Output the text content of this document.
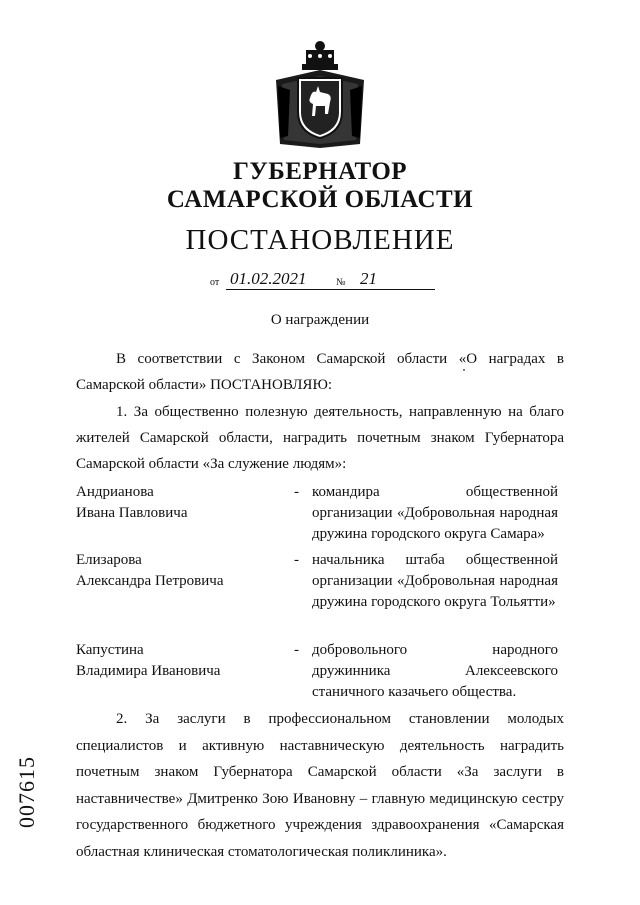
ГУБЕРНАТОР
САМАРСКОЙ ОБЛАСТИ
ПОСТАНОВЛЕНИЕ
от 01.02.2021	№ 21
О награждении
В соответствии с Законом Самарской области «О наградах в Самарской области» ПОСТАНОВЛЯЮ:
1. За общественно полезную деятельность, направленную на благо жителей Самарской области, наградить почетным знаком Губернатора Самарской области «За служение людям»:
Андрианова
Ивана Павловича
- командира общественной организации «Добровольная народная дружина городского округа Самара»
Елизарова
Александра Петровича
- начальника штаба общественной организации «Добровольная народная дружина городского округа Тольятти»
Капустина
Владимира Ивановича
- добровольного народного дружинника Алексеевского станичного казачьего общества.
2. За заслуги в профессиональном становлении молодых специалистов и активную наставническую деятельность наградить почетным знаком Губернатора Самарской области «За заслуги в наставничестве» Дмитренко Зою Ивановну – главную медицинскую сестру государственного бюджетного учреждения здравоохранения «Самарская областная клиническая стоматологическая поликлиника».
007615
